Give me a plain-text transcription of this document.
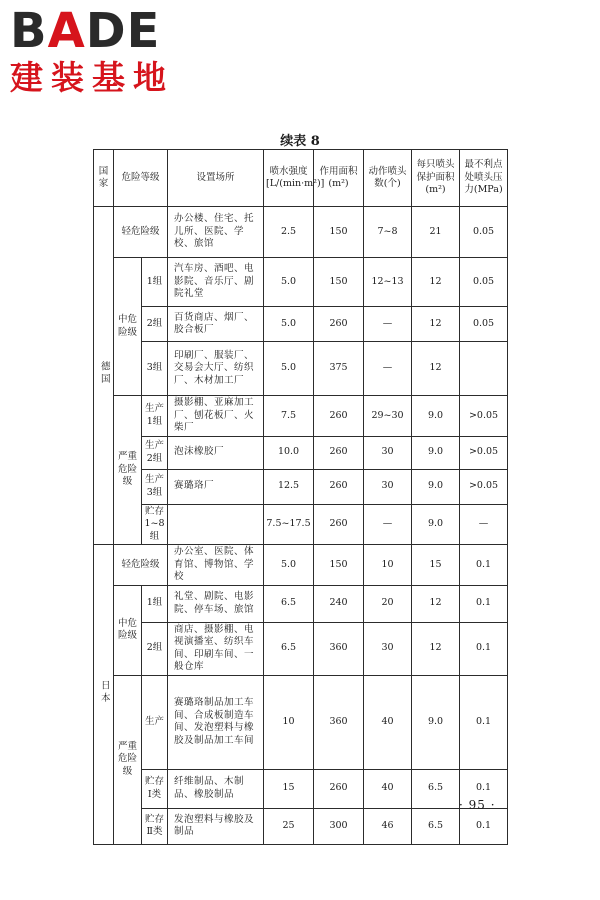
BADE
建装基地
续表 8
国家	危险等级		设置场所	喷水强度[L/(min·m²)]	作用面积(m²)	动作喷头数(个)	每只喷头保护面积(m²)	最不利点处喷头压力(MPa)
德国	轻危险级		办公楼、住宅、托儿所、医院、学校、旅馆	2.5	150	7~8	21	0.05
	中危险级	1组	汽车房、酒吧、电影院、音乐厅、剧院礼堂	5.0	150	12~13	12	0.05
		2组	百货商店、烟厂、胶合板厂	5.0	260	—	12	0.05
		3组	印刷厂、服装厂、交易会大厅、纺织厂、木材加工厂	5.0	375	—	12	
	严重危险级	生产1组	摄影棚、亚麻加工厂、刨花板厂、火柴厂	7.5	260	29~30	9.0	>0.05
		生产2组	泡沫橡胶厂	10.0	260	30	9.0	>0.05
		生产3组	赛璐珞厂	12.5	260	30	9.0	>0.05
		贮存1~8组		7.5~17.5	260	—	9.0	—
日本	轻危险级		办公室、医院、体育馆、博物馆、学校	5.0	150	10	15	0.1
	中危险级	1组	礼堂、剧院、电影院、停车场、旅馆	6.5	240	20	12	0.1
		2组	商店、摄影棚、电视演播室、纺织车间、印刷车间、一般仓库	6.5	360	30	12	0.1
	严重危险级	生产	赛璐珞制品加工车间、合成板制造车间、发泡塑料与橡胶及制品加工车间	10	360	40	9.0	0.1
		贮存Ⅰ类	纤维制品、木制品、橡胶制品	15	260	40	6.5	0.1
		贮存Ⅱ类	发泡塑料与橡胶及制品	25	300	46	6.5	0.1
· 95 ·
